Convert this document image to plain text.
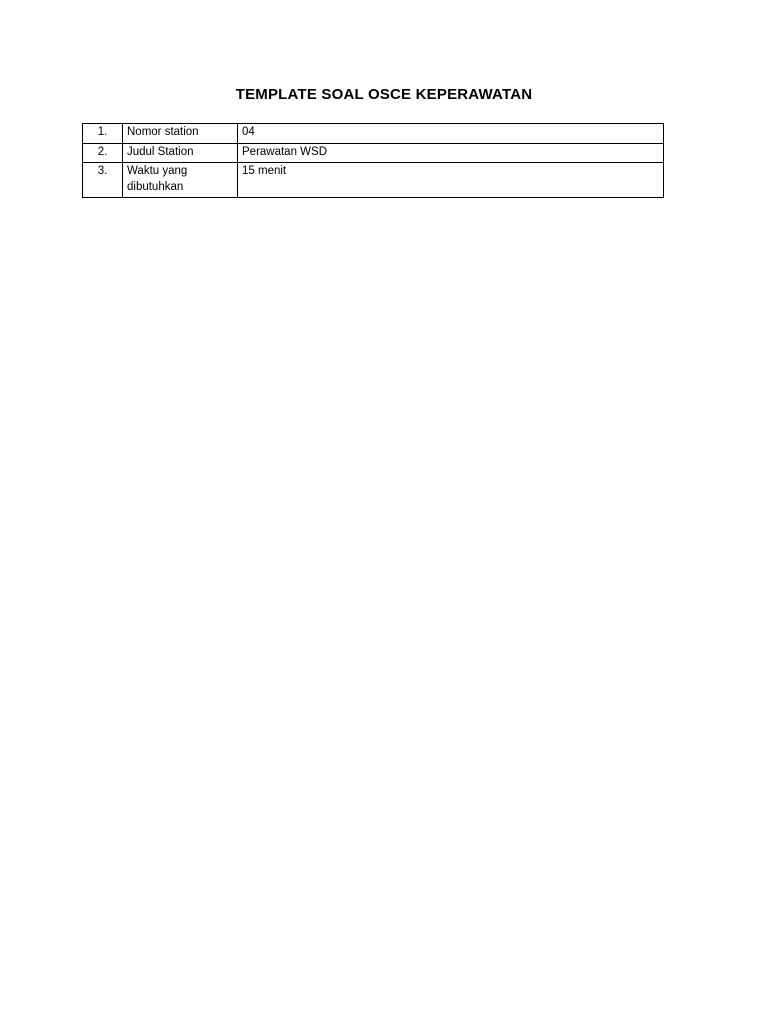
TEMPLATE SOAL OSCE KEPERAWATAN
1.	Nomor station	04
2.	Judul Station	Perawatan WSD
3.	Waktu yang dibutuhkan	15 menit
